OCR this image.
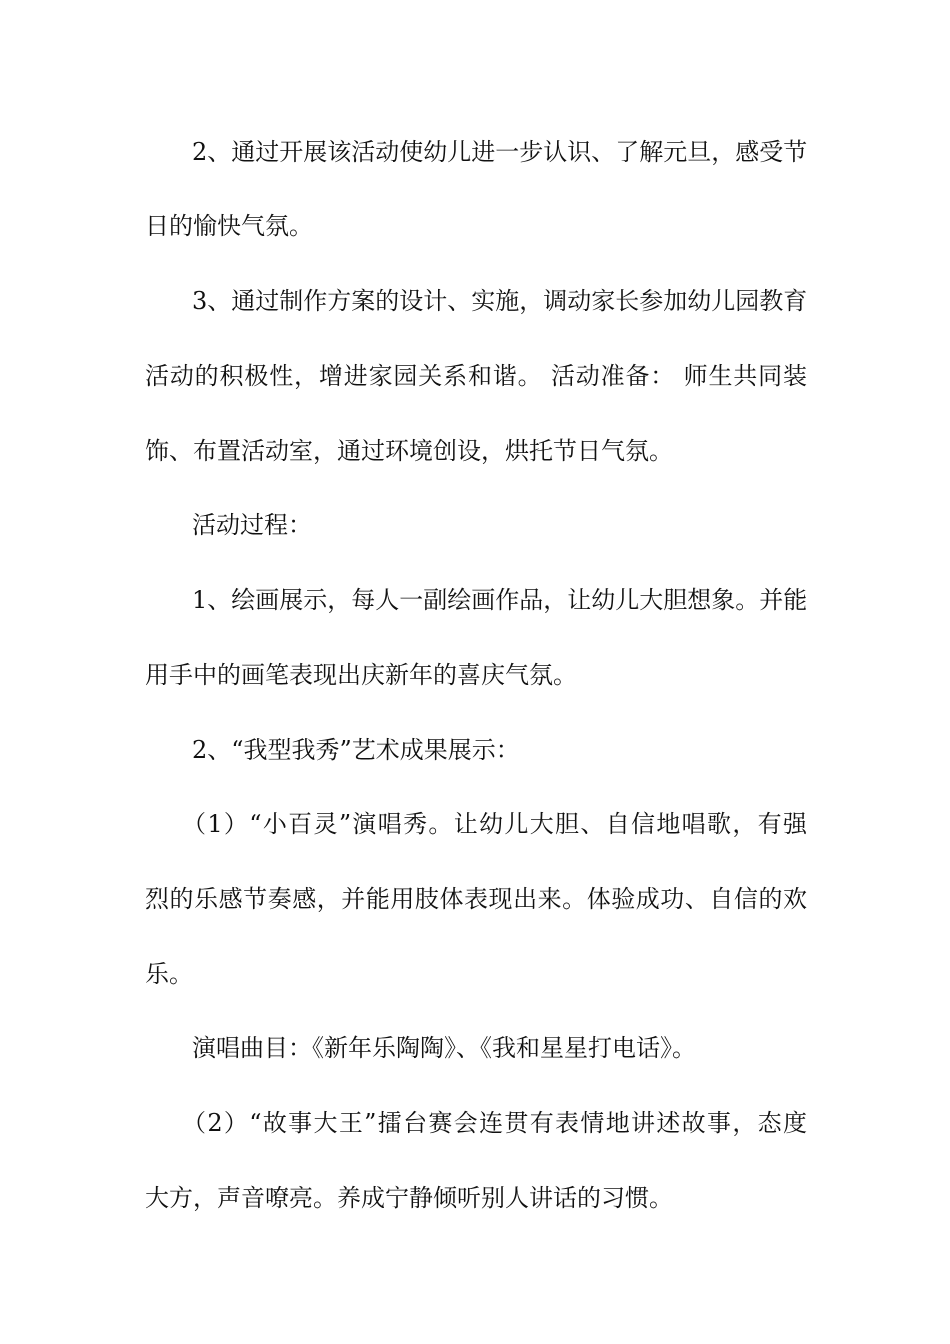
2、通过开展该活动使幼儿进一步认识、了解元旦，感受节
日的愉快气氛。
3、通过制作方案的设计、实施，调动家长参加幼儿园教育
活动的积极性，增进家园关系和谐。 活动准备： 师生共同装
饰、布置活动室，通过环境创设，烘托节日气氛。
活动过程：
1、绘画展示，每人一副绘画作品，让幼儿大胆想象。并能
用手中的画笔表现出庆新年的喜庆气氛。
2、“我型我秀”艺术成果展示：
（1）“小百灵”演唱秀。让幼儿大胆、自信地唱歌，有强
烈的乐感节奏感，并能用肢体表现出来。体验成功、自信的欢
乐。
演唱曲目：《新年乐陶陶》、《我和星星打电话》。
（2）“故事大王”擂台赛会连贯有表情地讲述故事，态度
大方，声音嘹亮。养成宁静倾听别人讲话的习惯。
